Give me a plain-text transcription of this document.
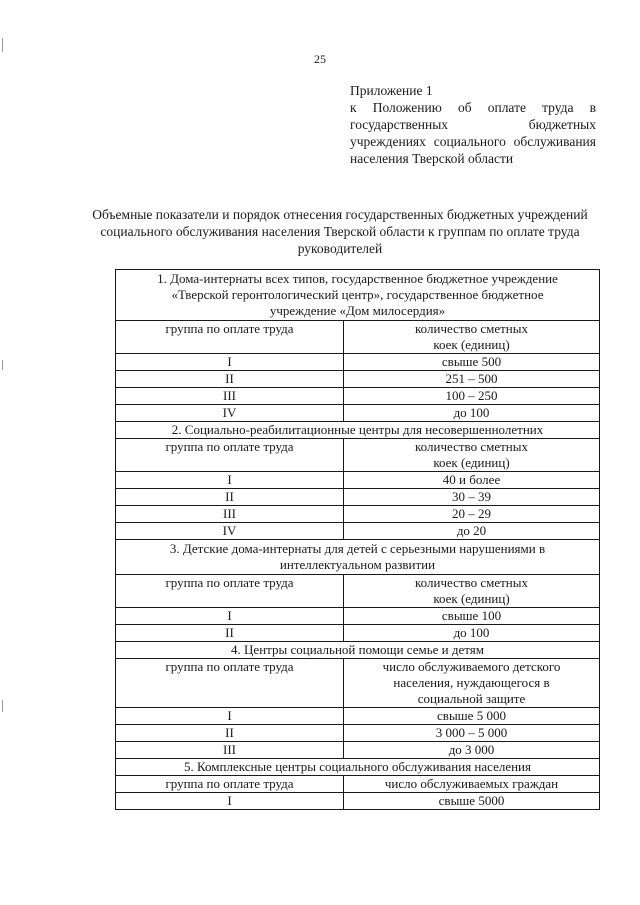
25
Приложение 1
к Положению об оплате труда в государственных бюджетных учреждениях социального обслуживания населения Тверской области
Объемные показатели и порядок отнесения государственных бюджетных учреждений социального обслуживания населения Тверской области к группам по оплате труда руководителей
1. Дома-интернаты всех типов, государственное бюджетное учреждение «Тверской геронтологический центр», государственное бюджетное учреждение «Дом милосердия»	
группа по оплате труда	количество сметных коек (единиц)
I	свыше 500
II	251 – 500
III	100 – 250
IV	до 100
2. Социально-реабилитационные центры для несовершеннолетних	
группа по оплате труда	количество сметных коек (единиц)
I	40 и более
II	30 – 39
III	20 – 29
IV	до 20
3. Детские дома-интернаты для детей с серьезными нарушениями в интеллектуальном развитии	
группа по оплате труда	количество сметных коек (единиц)
I	свыше 100
II	до 100
4. Центры социальной помощи семье и детям	
группа по оплате труда	число обслуживаемого детского населения, нуждающегося в социальной защите
I	свыше 5 000
II	3 000 – 5 000
III	до 3 000
5. Комплексные центры социального обслуживания населения	
группа по оплате труда	число обслуживаемых граждан
I	свыше 5000
